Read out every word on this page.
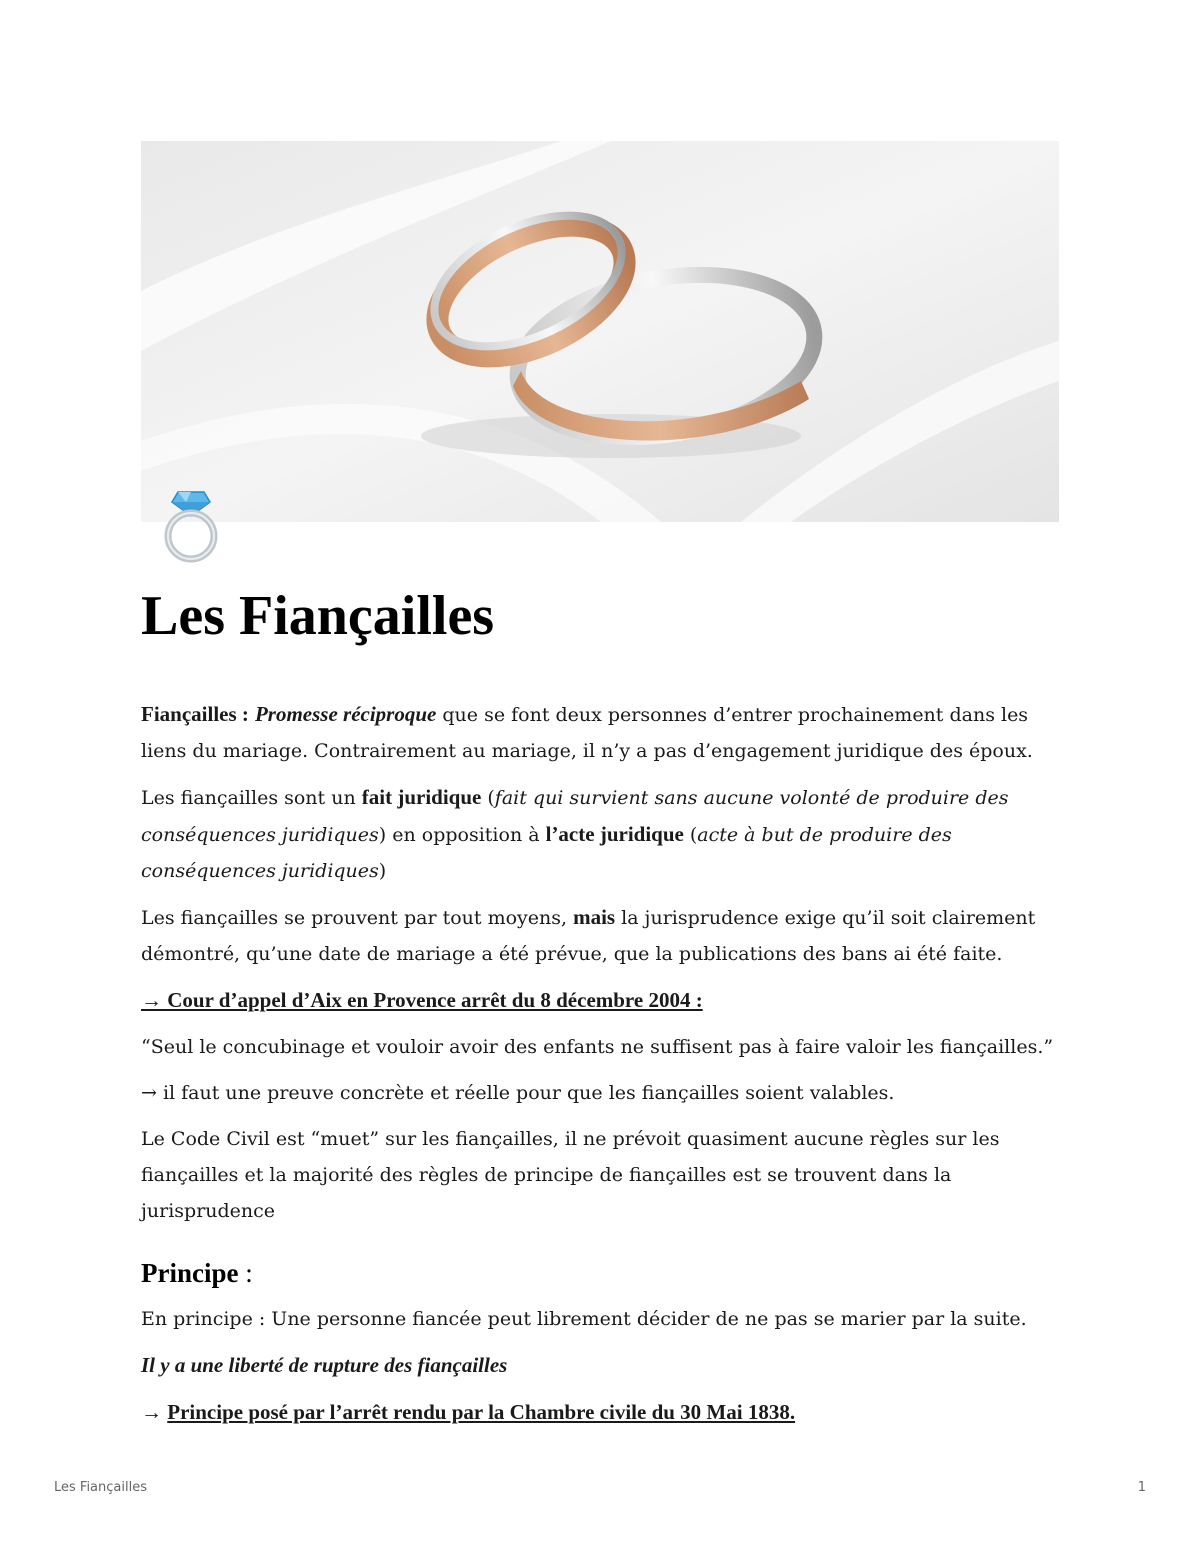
Les Fiançailles

Fiançailles : Promesse réciproque que se font deux personnes d’entrer prochainement dans les liens du mariage. Contrairement au mariage, il n’y a pas d’engagement juridique des époux.

Les fiançailles sont un fait juridique (fait qui survient sans aucune volonté de produire des conséquences juridiques) en opposition à l’acte juridique (acte à but de produire des conséquences juridiques)

Les fiançailles se prouvent par tout moyens, mais la jurisprudence exige qu’il soit clairement démontré, qu’une date de mariage a été prévue, que la publications des bans ai été faite.

→ Cour d’appel d’Aix en Provence arrêt du 8 décembre 2004 :

“Seul le concubinage et vouloir avoir des enfants ne suffisent pas à faire valoir les fiançailles.”

→ il faut une preuve concrète et réelle pour que les fiançailles soient valables.

Le Code Civil est “muet” sur les fiançailles, il ne prévoit quasiment aucune règles sur les fiançailles et la majorité des règles de principe de fiançailles est se trouvent dans la jurisprudence

Principe :

En principe : Une personne fiancée peut librement décider de ne pas se marier par la suite.

Il y a une liberté de rupture des fiançailles

→ Principe posé par l’arrêt rendu par la Chambre civile du 30 Mai 1838.

Les Fiançailles	1
